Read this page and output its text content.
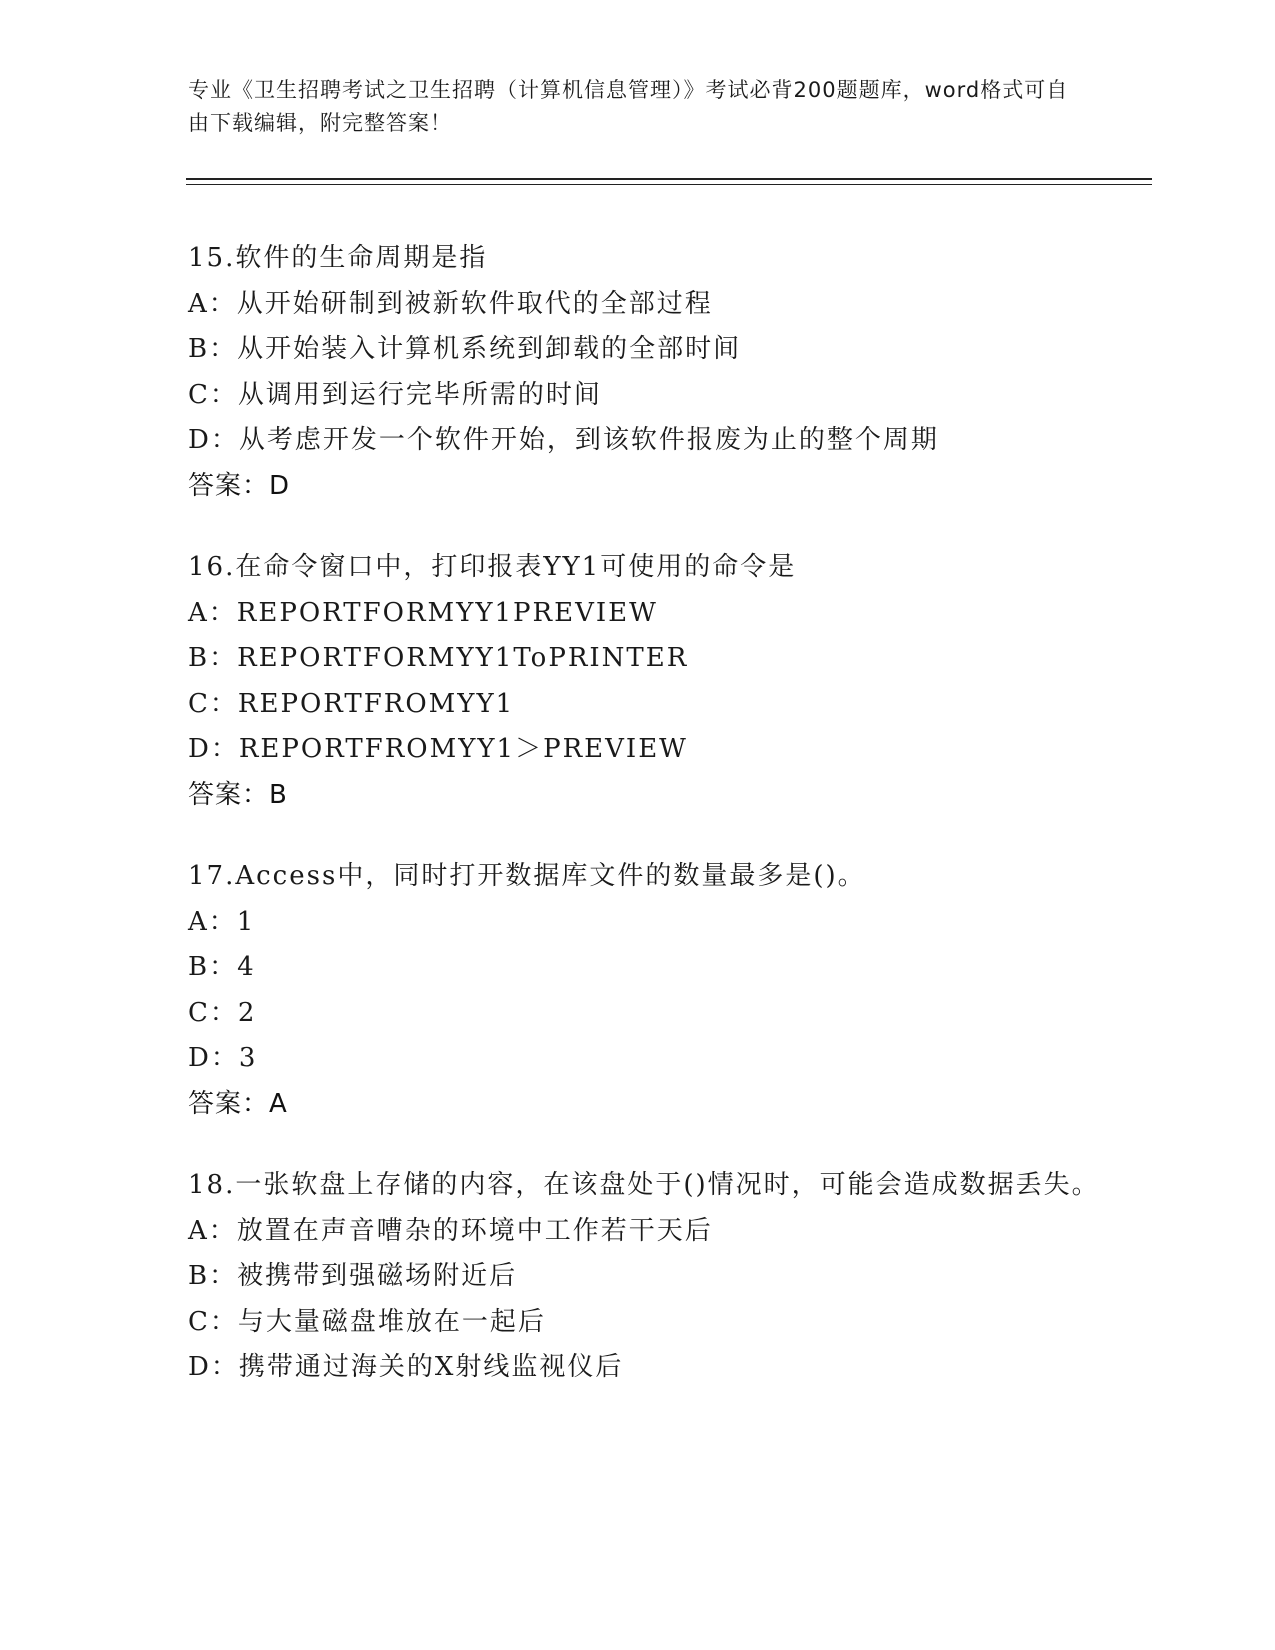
专业《卫生招聘考试之卫生招聘（计算机信息管理）》考试必背200题题库，word格式可自由下载编辑，附完整答案！
15.软件的生命周期是指
A：从开始研制到被新软件取代的全部过程
B：从开始装入计算机系统到卸载的全部时间
C：从调用到运行完毕所需的时间
D：从考虑开发一个软件开始，到该软件报废为止的整个周期
答案：D
16.在命令窗口中，打印报表YY1可使用的命令是
A：REPORTFORMYY1PREVIEW
B：REPORTFORMYY1ToPRINTER
C：REPORTFROMYY1
D：REPORTFROMYY1＞PREVIEW
答案：B
17.Access中，同时打开数据库文件的数量最多是()。
A：1
B：4
C：2
D：3
答案：A
18.一张软盘上存储的内容，在该盘处于()情况时，可能会造成数据丢失。
A：放置在声音嘈杂的环境中工作若干天后
B：被携带到强磁场附近后
C：与大量磁盘堆放在一起后
D：携带通过海关的X射线监视仪后
